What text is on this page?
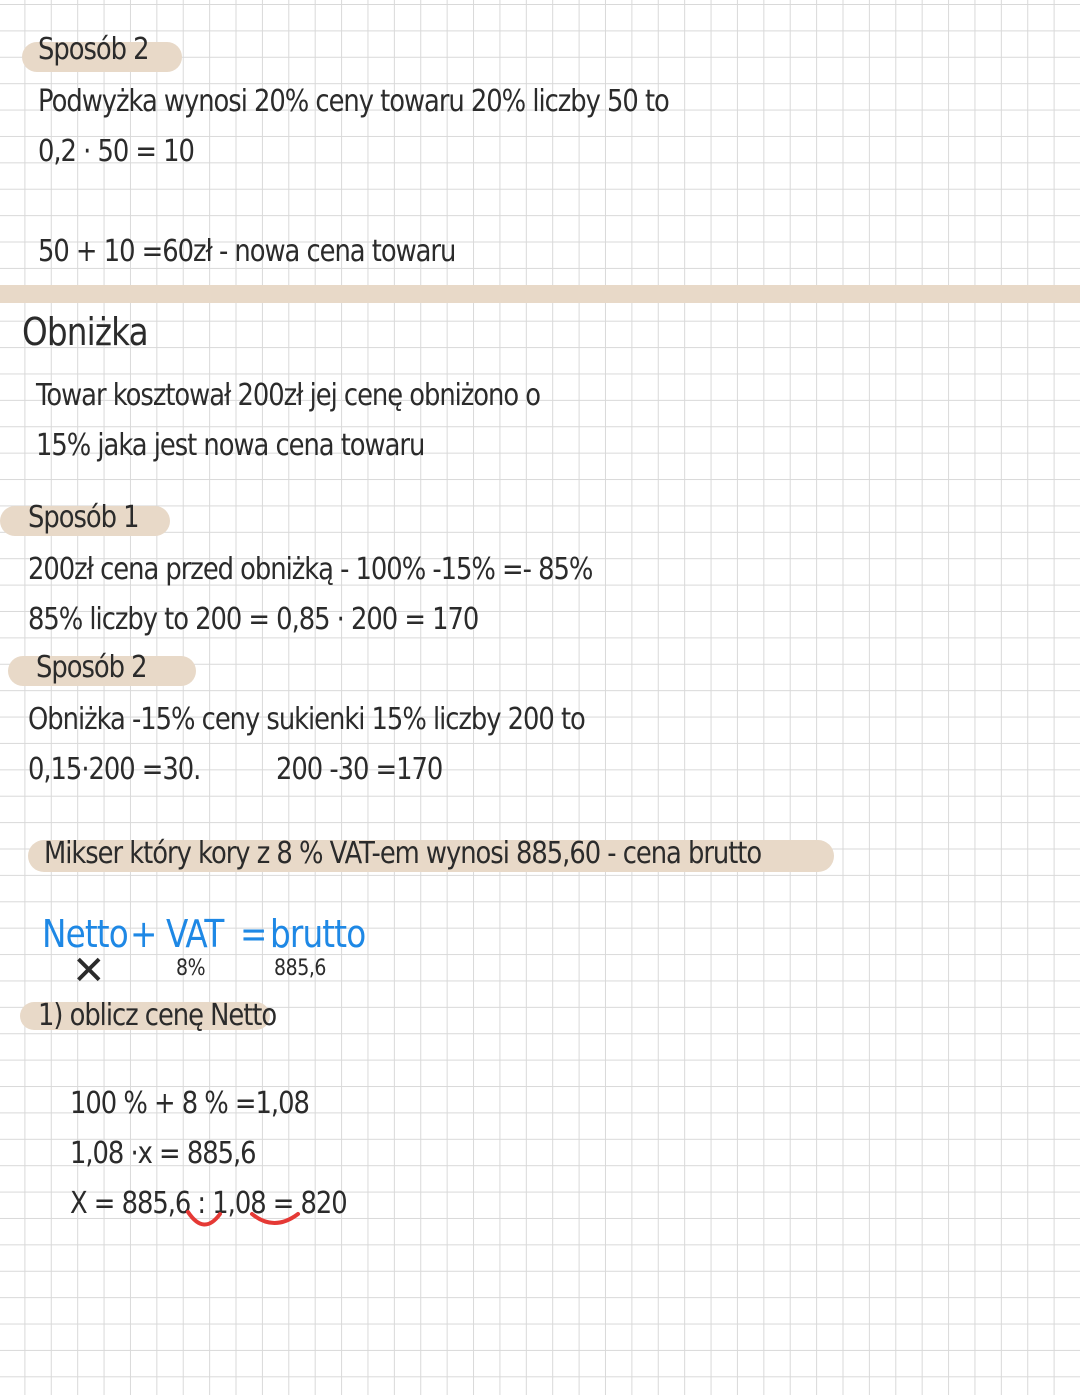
Sposób 2
Podwyżka wynosi 20% ceny towaru 20% liczby 50 to
0,2 · 50 = 10
50 + 10 =60zł - nowa cena towaru
Obniżka
Towar kosztował 200zł jej cenę obniżono o
15% jaka jest nowa cena towaru
Sposób 1
200zł cena przed obniżką - 100% -15% =- 85%
85% liczby to 200 = 0,85 · 200 = 170
Sposób 2
Obniżka -15% ceny sukienki 15% liczby 200 to
0,15·200 =30.	200 -30 =170
Mikser który kory z 8 % VAT-em wynosi 885,60 - cena brutto
Netto + VAT = brutto
✕	8%	885,6
1) oblicz cenę Netto
100 % + 8 % =1,08
1,08 ·x = 885,6
X = 885,6 : 1,08 = 820
